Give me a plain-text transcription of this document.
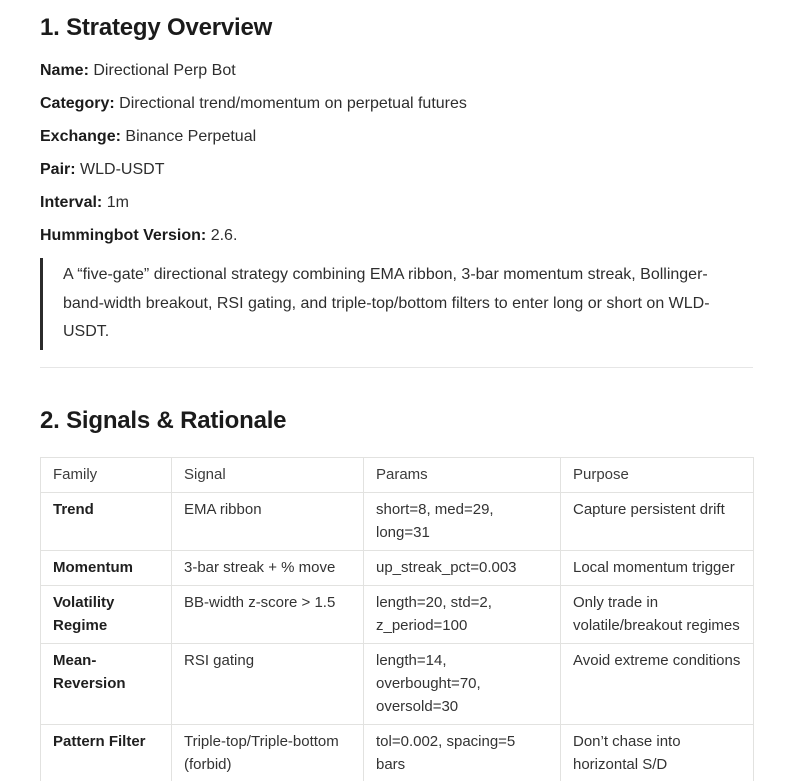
1. Strategy Overview

Name: Directional Perp Bot

Category: Directional trend/momentum on perpetual futures

Exchange: Binance Perpetual

Pair: WLD-USDT

Interval: 1m

Hummingbot Version: 2.6.

A “five-gate” directional strategy combining EMA ribbon, 3-bar momentum streak, Bollinger-band-width breakout, RSI gating, and triple-top/bottom filters to enter long or short on WLD-USDT.

2. Signals & Rationale
Family	Signal	Params	Purpose
Trend	EMA ribbon	short=8, med=29, long=31	Capture persistent drift
Momentum	3-bar streak + % move	up_streak_pct=0.003	Local momentum trigger
Volatility Regime	BB-width z-score > 1.5	length=20, std=2, z_period=100	Only trade in volatile/breakout regimes
Mean-Reversion	RSI gating	length=14, overbought=70, oversold=30	Avoid extreme conditions
Pattern Filter	Triple-top/Triple-bottom (forbid)	tol=0.002, spacing=5 bars	Don’t chase into horizontal S/D
